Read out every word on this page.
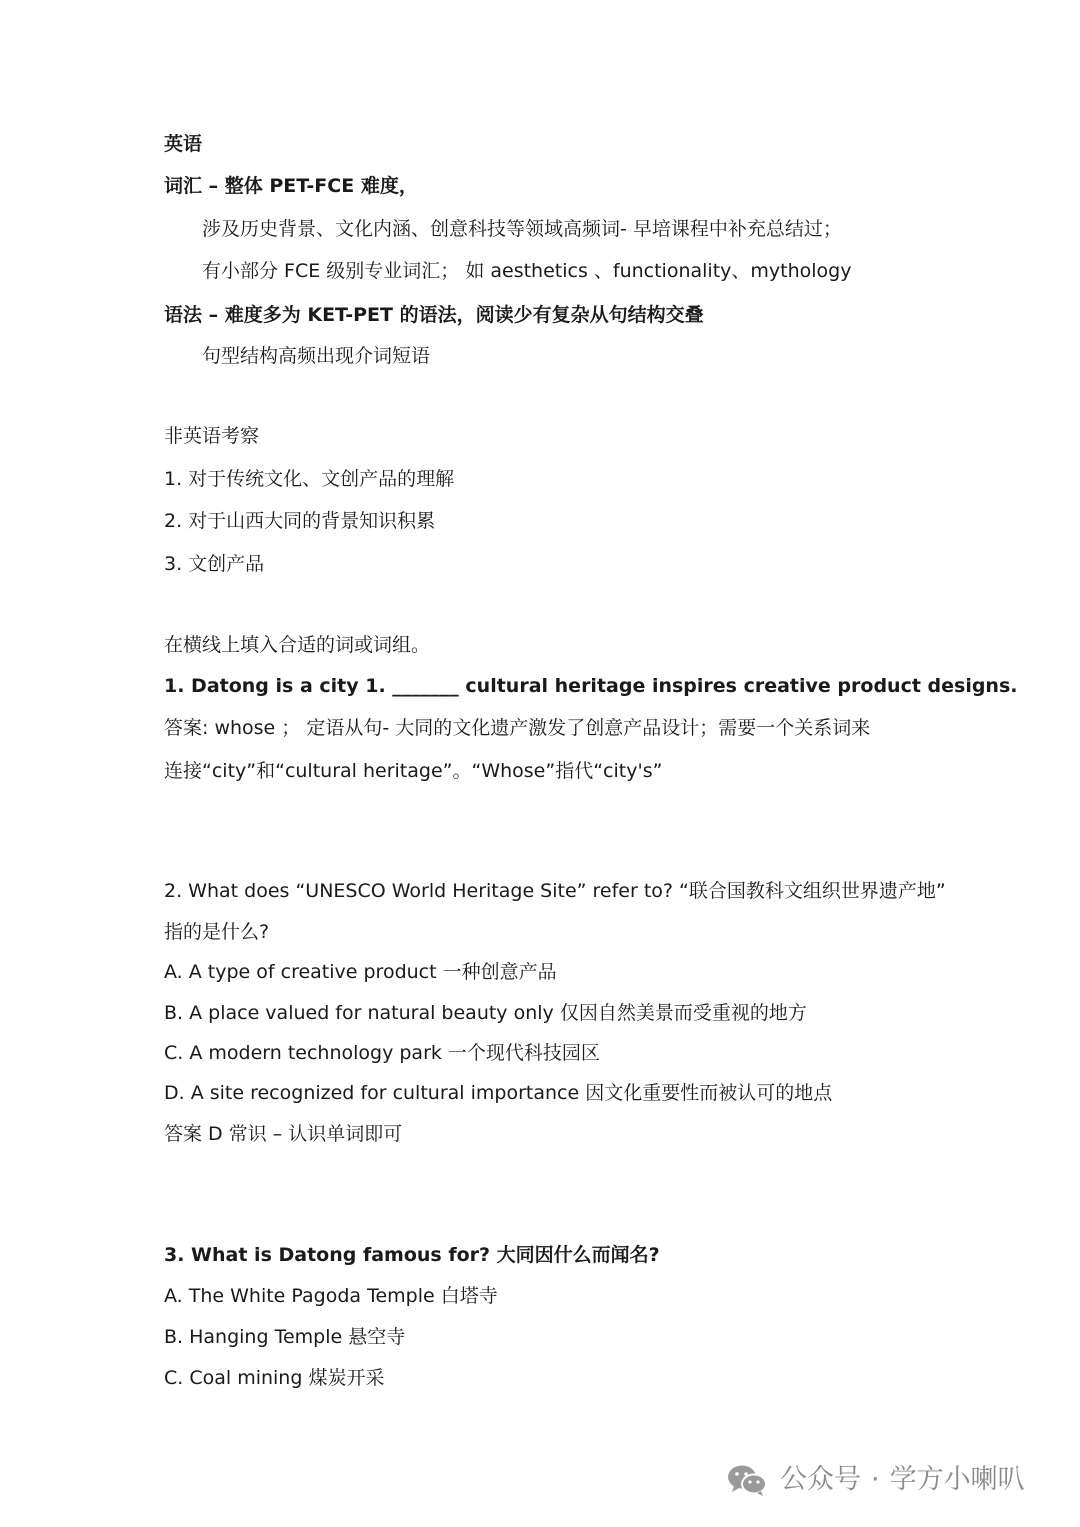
英语
词汇 – 整体 PET-FCE 难度，
涉及历史背景、文化内涵、创意科技等领域高频词- 早培课程中补充总结过；
有小部分 FCE 级别专业词汇； 如 aesthetics 、functionality、mythology
语法 – 难度多为 KET-PET 的语法，阅读少有复杂从句结构交叠
句型结构高频出现介词短语
非英语考察
1. 对于传统文化、文创产品的理解
2. 对于山西大同的背景知识积累
3. 文创产品
在横线上填入合适的词或词组。
1. Datong is a city 1. _______ cultural heritage inspires creative product designs.
答案: whose ； 定语从句- 大同的文化遗产激发了创意产品设计；需要一个关系词来
连接“city”和“cultural heritage”。“Whose”指代“city's”
2. What does “UNESCO World Heritage Site” refer to? “联合国教科文组织世界遗产地”
指的是什么?
A. A type of creative product 一种创意产品
B. A place valued for natural beauty only 仅因自然美景而受重视的地方
C. A modern technology park 一个现代科技园区
D. A site recognized for cultural importance 因文化重要性而被认可的地点
答案 D 常识 – 认识单词即可
3. What is Datong famous for? 大同因什么而闻名?
A. The White Pagoda Temple 白塔寺
B. Hanging Temple 悬空寺
C. Coal mining 煤炭开采
公众号 · 学方小喇叭
